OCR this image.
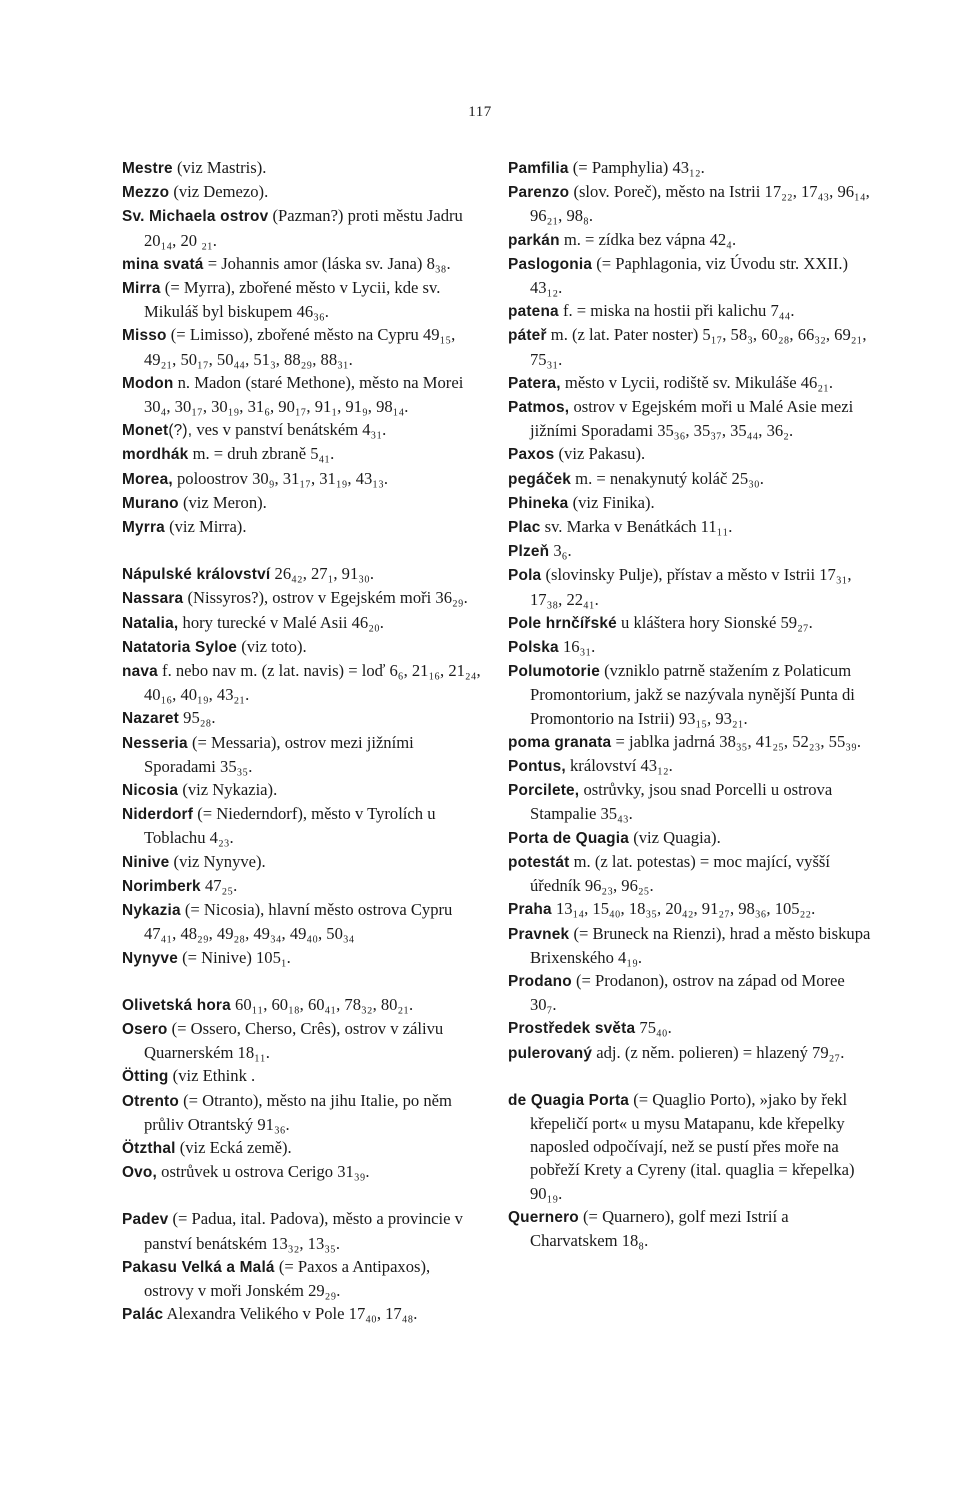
117

Mestre (viz Mastris).

Mezzo (viz Demezo).

Sv. Michaela ostrov (Pazman?) proti městu Jadru 20₁₄, 20 ₂₁.

mina svatá = Johannis amor (láska sv. Jana) 8₃₈.

Mirra (= Myrra), zbořené město v Lycii, kde sv. Mikuláš byl biskupem 46₃₆.

Misso (= Limisso), zbořené město na Cypru 49₁₅, 49₂₁, 50₁₇, 50₄₄, 51₃, 88₂₉, 88₃₁.

Modon n. Madon (staré Methone), město na Morei 30₄, 30₁₇, 30₁₉, 31₆, 90₁₇, 91₁, 91₉, 98₁₄.

Monet(?), ves v panství benátském 4₃₁.

mordhák m. = druh zbraně 5₄₁.

Morea, poloostrov 30₉, 31₁₇, 31₁₉, 43₁₃.

Murano (viz Meron).

Myrra (viz Mirra).

Nápulské království 26₄₂, 27₁, 91₃₀.

Nassara (Nissyros?), ostrov v Egejském moři 36₂₉.

Natalia, hory turecké v Malé Asii 46₂₀.

Natatoria Syloe (viz toto).

nava f. nebo nav m. (z lat. navis) = loď 6₆, 21₁₆, 21₂₄, 40₁₆, 40₁₉, 43₂₁.

Nazaret 95₂₈.

Nesseria (= Messaria), ostrov mezi jižními Sporadami 35₃₅.

Nicosia (viz Nykazia).

Niderdorf (= Niederndorf), město v Tyrolích u Toblachu 4₂₃.

Ninive (viz Nynyve).

Norimberk 47₂₅.

Nykazia (= Nicosia), hlavní město ostrova Cypru 47₄₁, 48₂₉, 49₂₈, 49₃₄, 49₄₀, 50₃₄

Nynyve (= Ninive) 105₁.

Olivetská hora 60₁₁, 60₁₈, 60₄₁, 78₃₂, 80₂₁.

Osero (= Ossero, Cherso, Crês), ostrov v zálivu Quarnerském 18₁₁.

Ötting (viz Ethink .

Otrento (= Otranto), město na jihu Italie, po něm průliv Otrantský 91₃₆.

Ötzthal (viz Ecká země).

Ovo, ostrůvek u ostrova Cerigo 31₃₉.

Padev (= Padua, ital. Padova), město a provincie v panství benátském 13₃₂, 13₃₅.

Pakasu Velká a Malá (= Paxos a Antipaxos), ostrovy v moři Jonském 29₂₉.

Palác Alexandra Velikého v Pole 17₄₀, 17₄₈.

Pamfilia (= Pamphylia) 43₁₂.

Parenzo (slov. Poreč), město na Istrii 17₂₂, 17₄₃, 96₁₄, 96₂₁, 98₈.

parkán m. = zídka bez vápna 42₄.

Paslogonia (= Paphlagonia, viz Úvodu str. XXII.) 43₁₂.

patena f. = miska na hostii při kalichu 7₄₄.

páteř m. (z lat. Pater noster) 5₁₇, 58₃, 60₂₈, 66₃₂, 69₂₁, 75₃₁.

Patera, město v Lycii, rodiště sv. Mikuláše 46₂₁.

Patmos, ostrov v Egejském moři u Malé Asie mezi jižními Sporadami 35₃₆, 35₃₇, 35₄₄, 36₂.

Paxos (viz Pakasu).

pegáček m. = nenakynutý koláč 25₃₀.

Phineka (viz Finika).

Plac sv. Marka v Benátkách 11₁₁.

Plzeň 3₆.

Pola (slovinsky Pulje), přístav a město v Istrii 17₃₁, 17₃₈, 22₄₁.

Pole hrnčířské u kláštera hory Sionské 59₂₇.

Polska 16₃₁.

Polumotorie (vzniklo patrně stažením z Polaticum Promontorium, jakž se nazývala nynější Punta di Promontorio na Istrii) 93₁₅, 93₂₁.

poma granata = jablka jadrná 38₃₅, 41₂₅, 52₂₃, 55₃₉.

Pontus, království 43₁₂.

Porcilete, ostrůvky, jsou snad Porcelli u ostrova Stampalie 35₄₃.

Porta de Quagia (viz Quagia).

potestát m. (z lat. potestas) = moc mající, vyšší úředník 96₂₃, 96₂₅.

Praha 13₁₄, 15₄₀, 18₃₅, 20₄₂, 91₂₇, 98₃₆, 105₂₂.

Pravnek (= Bruneck na Rienzi), hrad a město biskupa Brixenského 4₁₉.

Prodano (= Prodanon), ostrov na západ od Moree 30₇.

Prostředek světa 75₄₀.

pulerovaný adj. (z něm. polieren) = hlazený 79₂₇.

de Quagia Porta (= Quaglio Porto), »jako by řekl křepeličí port« u mysu Matapanu, kde křepelky naposled odpočívají, než se pustí přes moře na pobřeží Krety a Cyreny (ital. quaglia = křepelka) 90₁₉.

Quernero (= Quarnero), golf mezi Istrií a Charvatskem 18₈.
